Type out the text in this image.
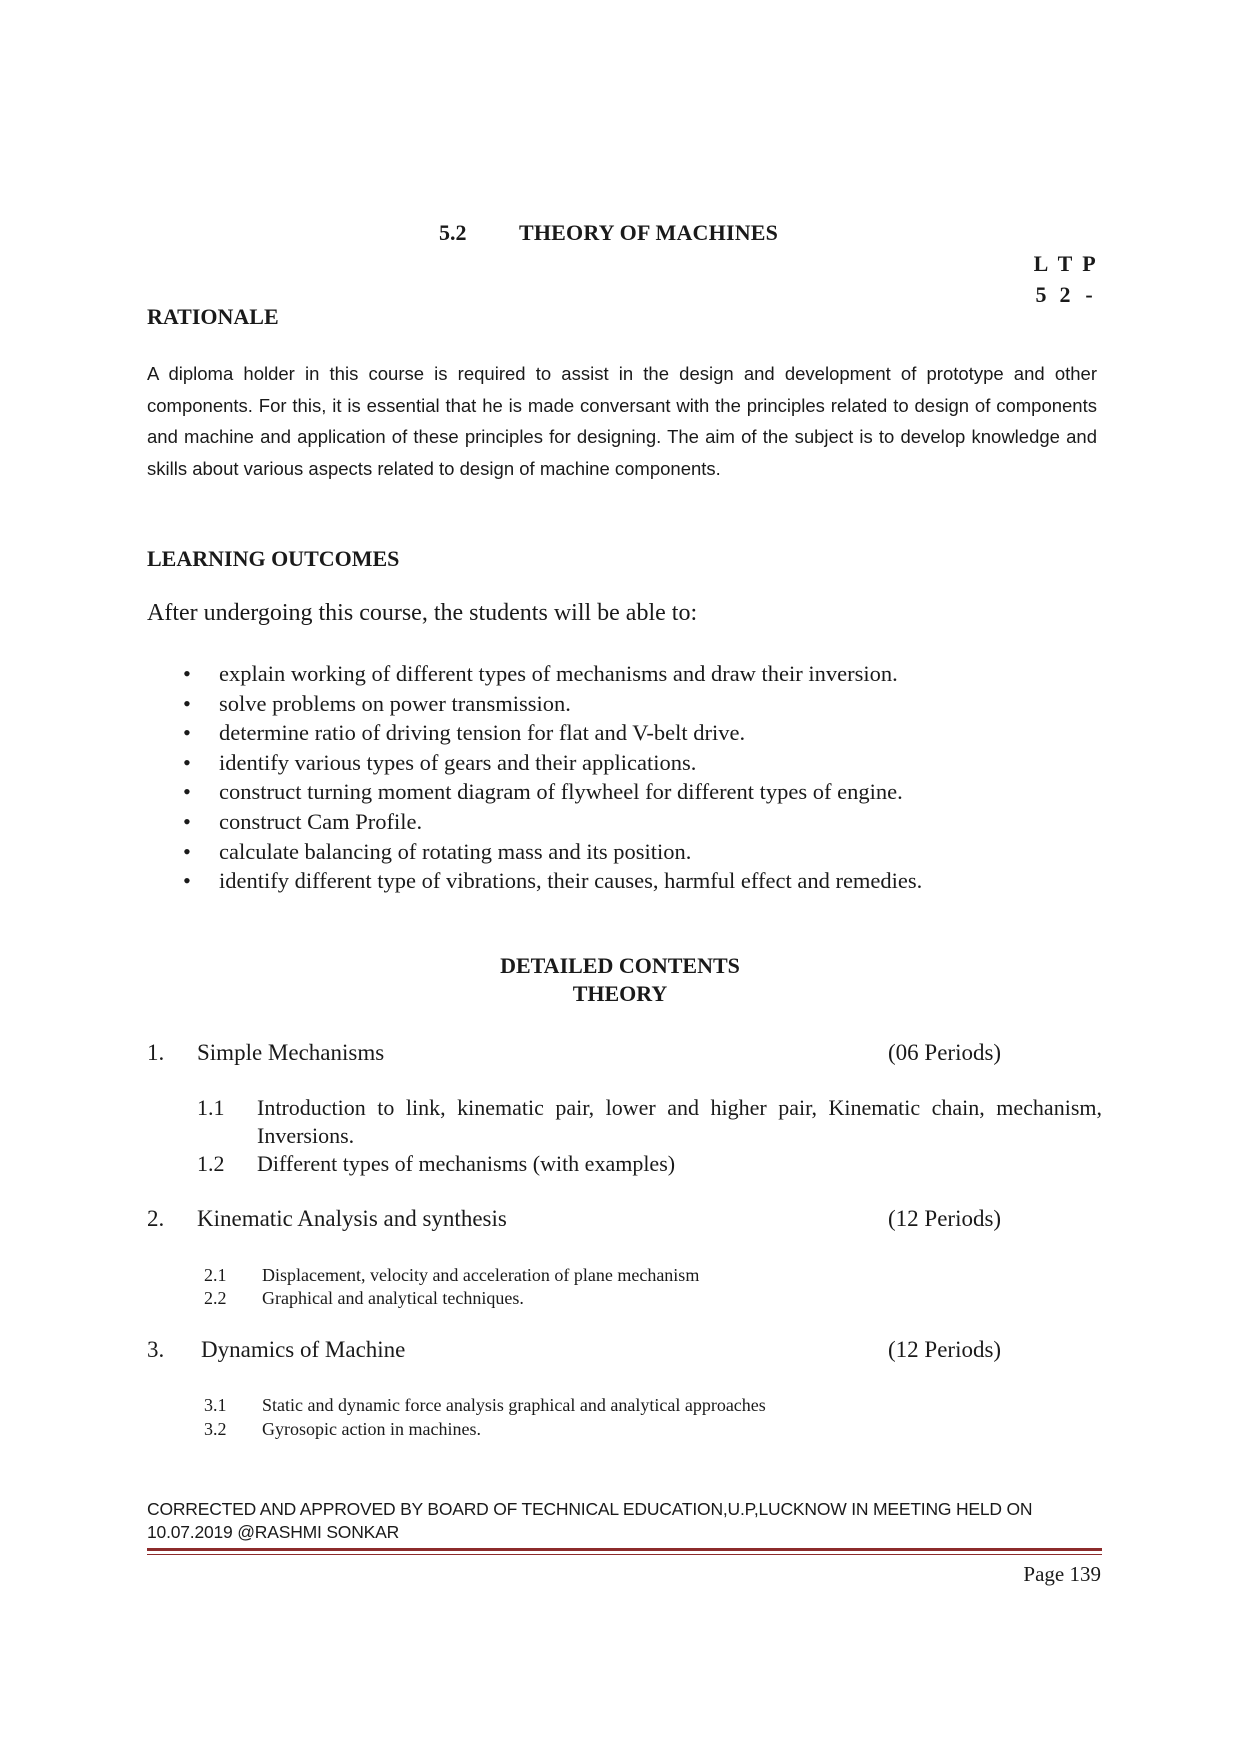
5.2 THEORY OF MACHINES
L T P
5 2 -
RATIONALE
A diploma holder in this course is required to assist in the design and development of prototype and other components. For this, it is essential that he is made conversant with the principles related to design of components and machine and application of these principles for designing. The aim of the subject is to develop knowledge and skills about various aspects related to design of machine components.
LEARNING OUTCOMES
After undergoing this course, the students will be able to:
• explain working of different types of mechanisms and draw their inversion.
• solve problems on power transmission.
• determine ratio of driving tension for flat and V-belt drive.
• identify various types of gears and their applications.
• construct turning moment diagram of flywheel for different types of engine.
• construct Cam Profile.
• calculate balancing of rotating mass and its position.
• identify different type of vibrations, their causes, harmful effect and remedies.
DETAILED CONTENTS
THEORY
1. Simple Mechanisms	(06 Periods)
1.1 Introduction to link, kinematic pair, lower and higher pair, Kinematic chain, mechanism, Inversions.
1.2 Different types of mechanisms (with examples)
2. Kinematic Analysis and synthesis	(12 Periods)
2.1 Displacement, velocity and acceleration of plane mechanism
2.2 Graphical and analytical techniques.
3. Dynamics of Machine	(12 Periods)
3.1 Static and dynamic force analysis graphical and analytical approaches
3.2 Gyrosopic action in machines.
CORRECTED AND APPROVED BY BOARD OF TECHNICAL EDUCATION,U.P,LUCKNOW IN MEETING HELD ON
10.07.2019 @RASHMI SONKAR
Page 139
